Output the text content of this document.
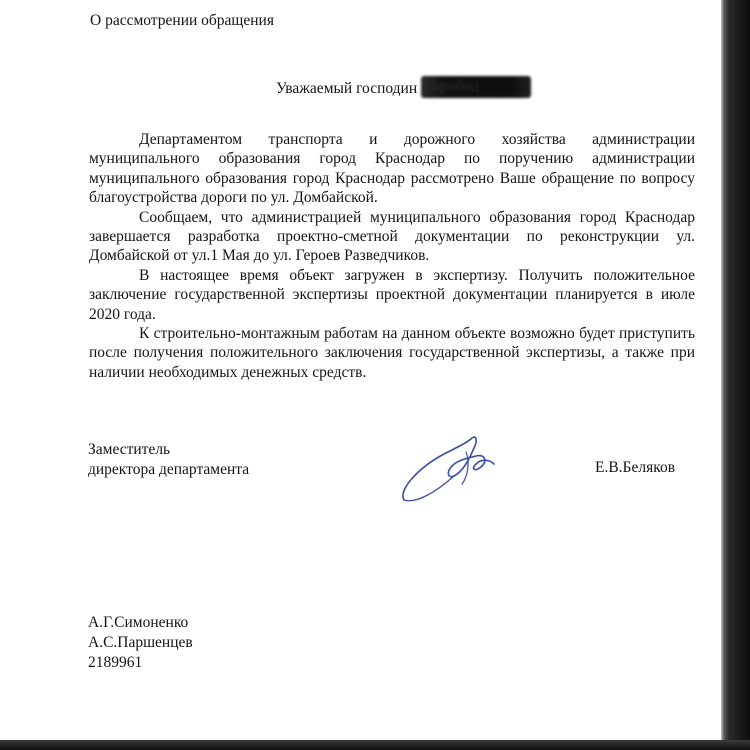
О рассмотрении обращения

Уважаемый господин Горобец

Департаментом транспорта и дорожного хозяйства администрации муниципального образования город Краснодар по поручению администрации муниципального образования город Краснодар рассмотрено Ваше обращение по вопросу благоустройства дороги по ул. Домбайской.

Сообщаем, что администрацией муниципального образования город Краснодар завершается разработка проектно-сметной документации по реконструкции ул. Домбайской от ул.1 Мая до ул. Героев Разведчиков.

В настоящее время объект загружен в экспертизу. Получить положительное заключение государственной экспертизы проектной документации планируется в июле 2020 года.

К строительно-монтажным работам на данном объекте возможно будет приступить после получения положительного заключения государственной экспертизы, а также при наличии необходимых денежных средств.

Заместитель
директора департамента	Е.В.Беляков
А.Г.Симоненко
А.С.Паршенцев
2189961
